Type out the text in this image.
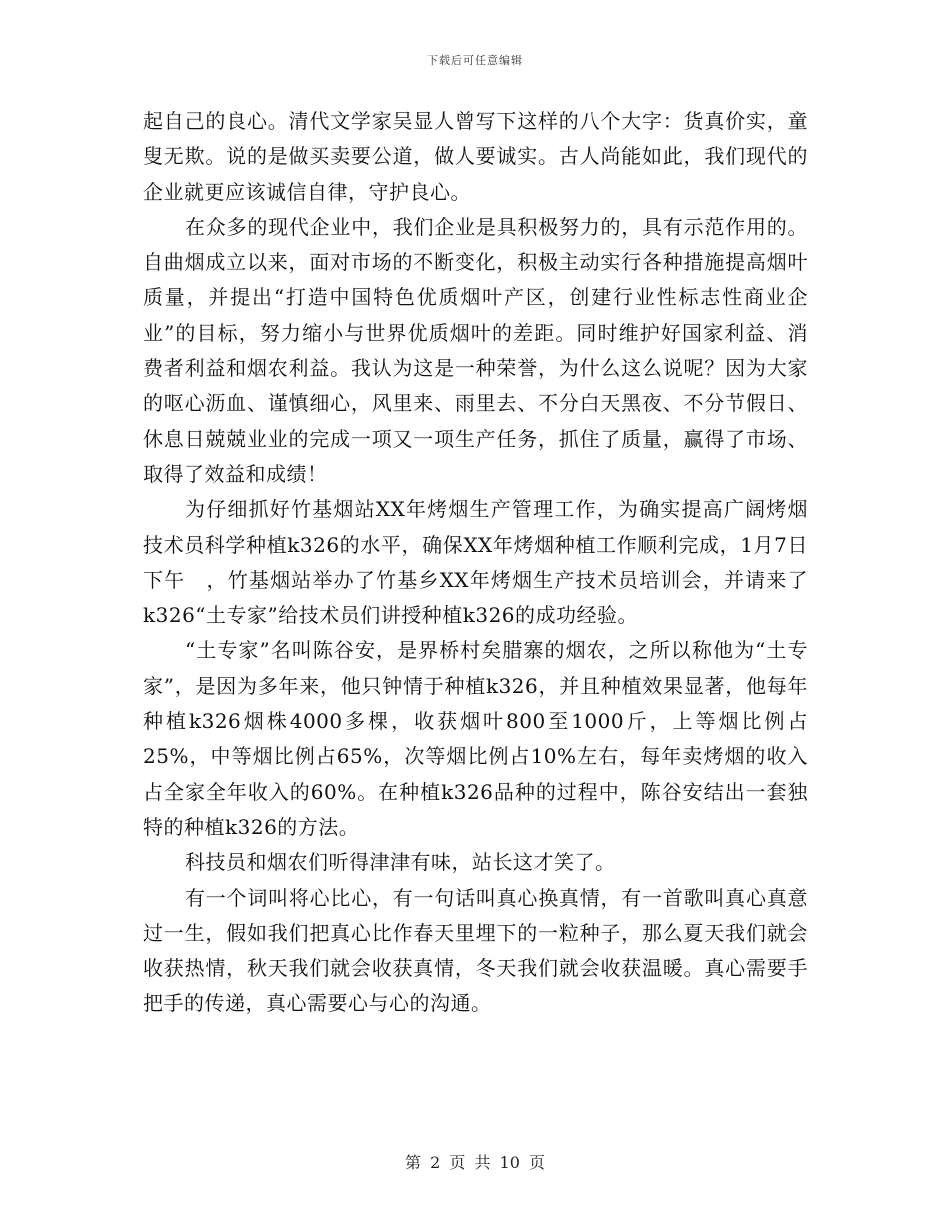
下载后可任意编辑

起自己的良心。清代文学家吴显人曾写下这样的八个大字：货真价实，童叟无欺。说的是做买卖要公道，做人要诚实。古人尚能如此，我们现代的企业就更应该诚信自律，守护良心。

在众多的现代企业中，我们企业是具积极努力的，具有示范作用的。自曲烟成立以来，面对市场的不断变化，积极主动实行各种措施提高烟叶质量，并提出“打造中国特色优质烟叶产区，创建行业性标志性商业企业”的目标，努力缩小与世界优质烟叶的差距。同时维护好国家利益、消费者利益和烟农利益。我认为这是一种荣誉，为什么这么说呢？因为大家的呕心沥血、谨慎细心，风里来、雨里去、不分白天黑夜、不分节假日、休息日兢兢业业的完成一项又一项生产任务，抓住了质量，赢得了市场、取得了效益和成绩！

为仔细抓好竹基烟站XX年烤烟生产管理工作，为确实提高广阔烤烟技术员科学种植k326的水平，确保XX年烤烟种植工作顺利完成，1月7日下午　，竹基烟站举办了竹基乡XX年烤烟生产技术员培训会，并请来了k326“土专家”给技术员们讲授种植k326的成功经验。

“土专家”名叫陈谷安，是界桥村矣腊寨的烟农，之所以称他为“土专家”，是因为多年来，他只钟情于种植k326，并且种植效果显著，他每年种植k326烟株4000多棵，收获烟叶800至1000斤，上等烟比例占25%，中等烟比例占65%，次等烟比例占10%左右，每年卖烤烟的收入占全家全年收入的60%。在种植k326品种的过程中，陈谷安结出一套独特的种植k326的方法。

科技员和烟农们听得津津有味，站长这才笑了。

有一个词叫将心比心，有一句话叫真心换真情，有一首歌叫真心真意过一生，假如我们把真心比作春天里埋下的一粒种子，那么夏天我们就会收获热情，秋天我们就会收获真情，冬天我们就会收获温暖。真心需要手把手的传递，真心需要心与心的沟通。

第 2 页 共 10 页
